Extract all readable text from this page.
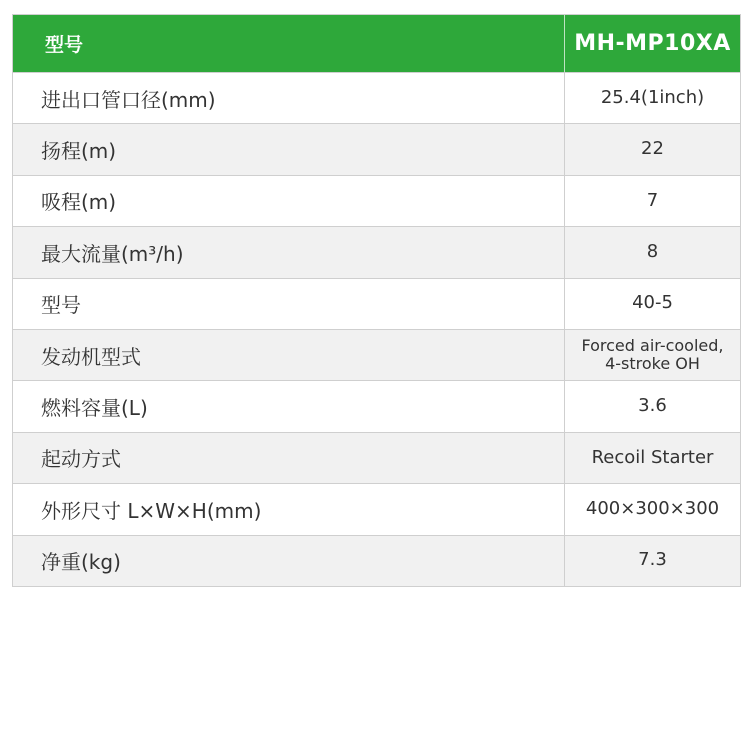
型号	MH-MP10XA
进出口管口径(mm)	25.4(1inch)
扬程(m)	22
吸程(m)	7
最大流量(m³/h)	8
型号	40-5
发动机型式	Forced air-cooled,
4-stroke OH
燃料容量(L)	3.6
起动方式	Recoil Starter
外形尺寸 L×W×H(mm)	400×300×300
净重(kg)	7.3
